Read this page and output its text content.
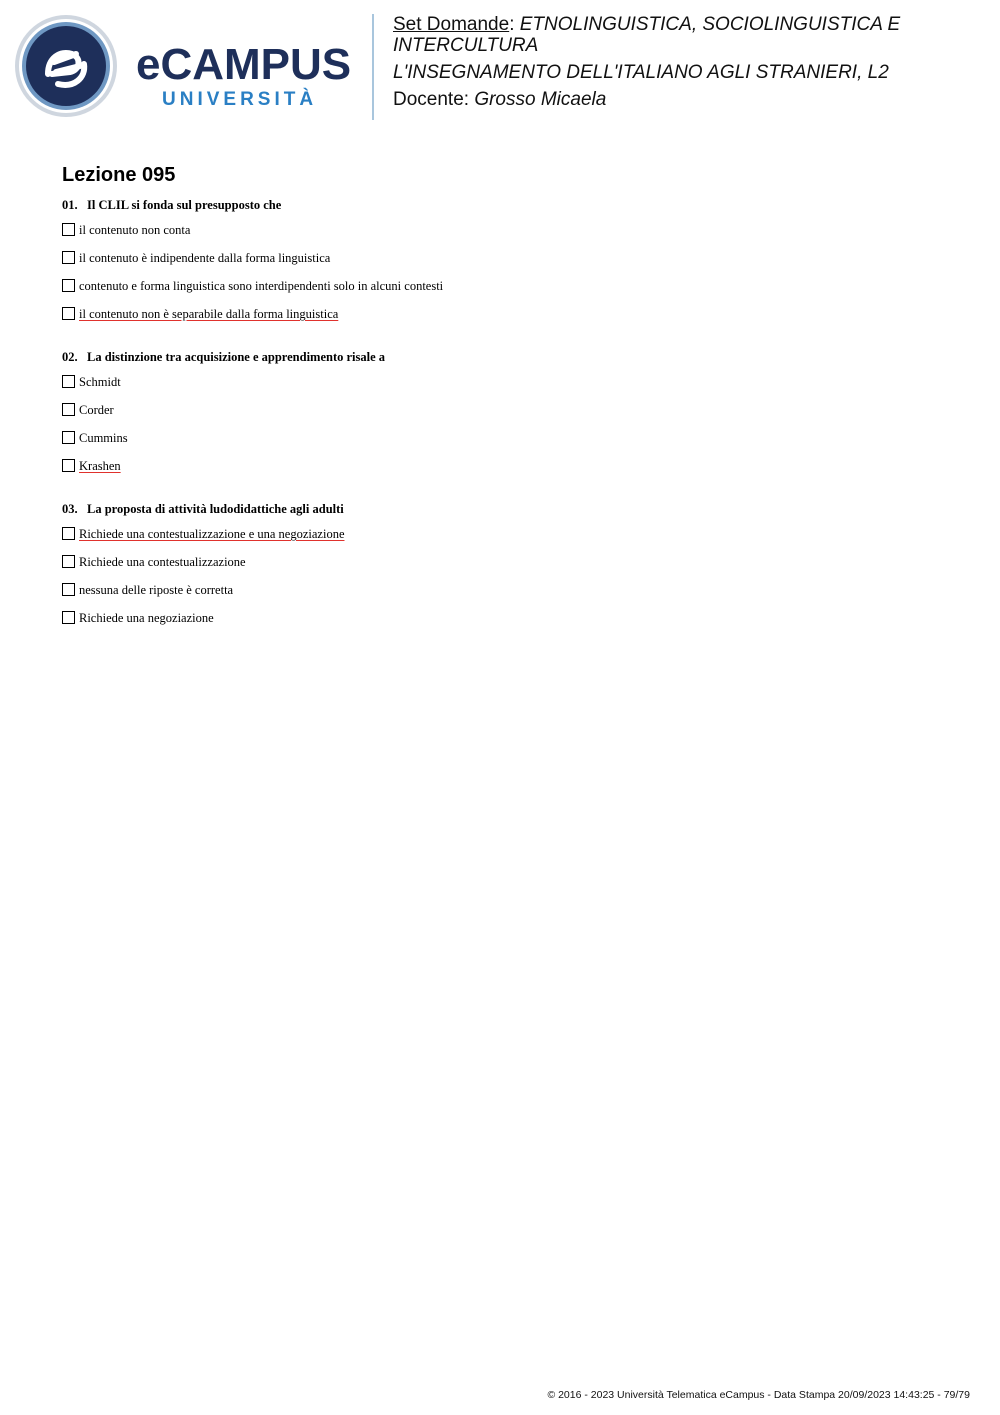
eCAMPUS
UNIVERSITÀ
Set Domande: ETNOLINGUISTICA, SOCIOLINGUISTICA E
INTERCULTURA
L'INSEGNAMENTO DELL'ITALIANO AGLI STRANIERI, L2
Docente: Grosso Micaela
Lezione 095
01. Il CLIL si fonda sul presupposto che
il contenuto non conta
il contenuto è indipendente dalla forma linguistica
contenuto e forma linguistica sono interdipendenti solo in alcuni contesti
il contenuto non è separabile dalla forma linguistica
02. La distinzione tra acquisizione e apprendimento risale a
Schmidt
Corder
Cummins
Krashen
03. La proposta di attività ludodidattiche agli adulti
Richiede una contestualizzazione e una negoziazione
Richiede una contestualizzazione
nessuna delle riposte è corretta
Richiede una negoziazione
© 2016 - 2023 Università Telematica eCampus - Data Stampa 20/09/2023 14:43:25 - 79/79
